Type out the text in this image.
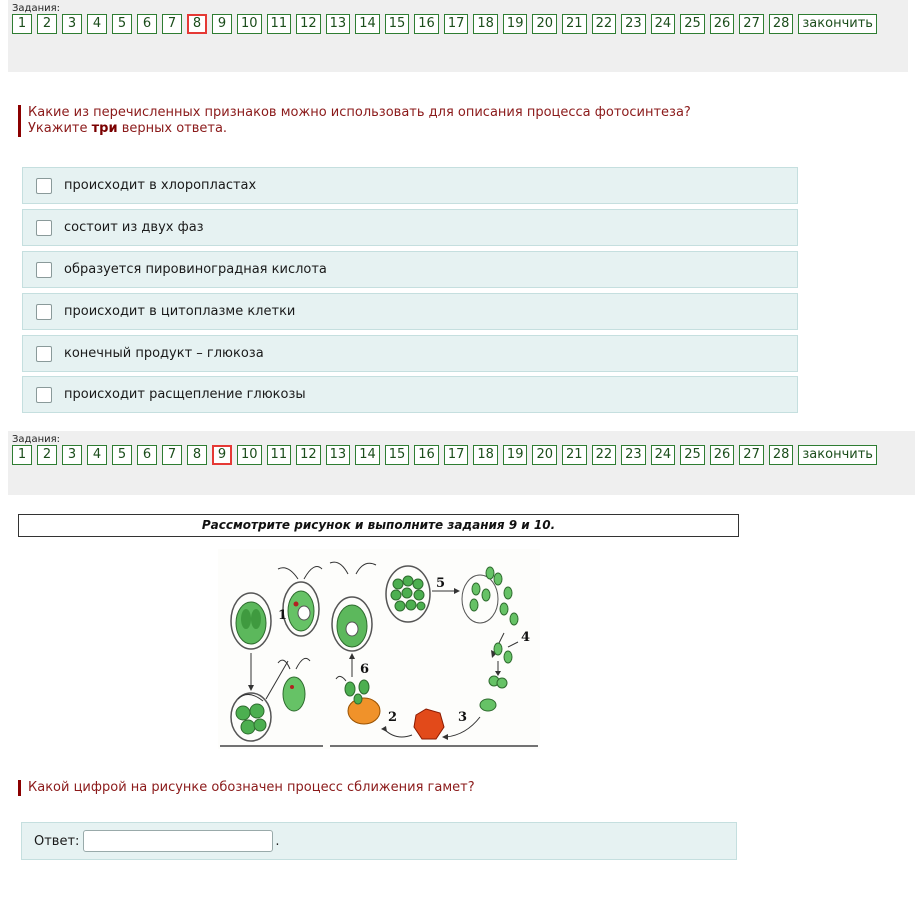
Задания:
1	2	3	4	5	6	7	8	9	10	11	12	13	14	15	16	17	18	19	20	21	22	23	24	25	26	27	28	закончить
Какие из перечисленных признаков можно использовать для описания процесса фотосинтеза?
Укажите три верных ответа.
происходит в хлоропластах
состоит из двух фаз
образуется пировиноградная кислота
происходит в цитоплазме клетки
конечный продукт – глюкоза
происходит расщепление глюкозы
Задания:
1	2	3	4	5	6	7	8	9	10	11	12	13	14	15	16	17	18	19	20	21	22	23	24	25	26	27	28	закончить
Рассмотрите рисунок и выполните задания 9 и 10.
1
5
4
3
2
6
Какой цифрой на рисунке обозначен процесс сближения гамет?
Ответ:	.
